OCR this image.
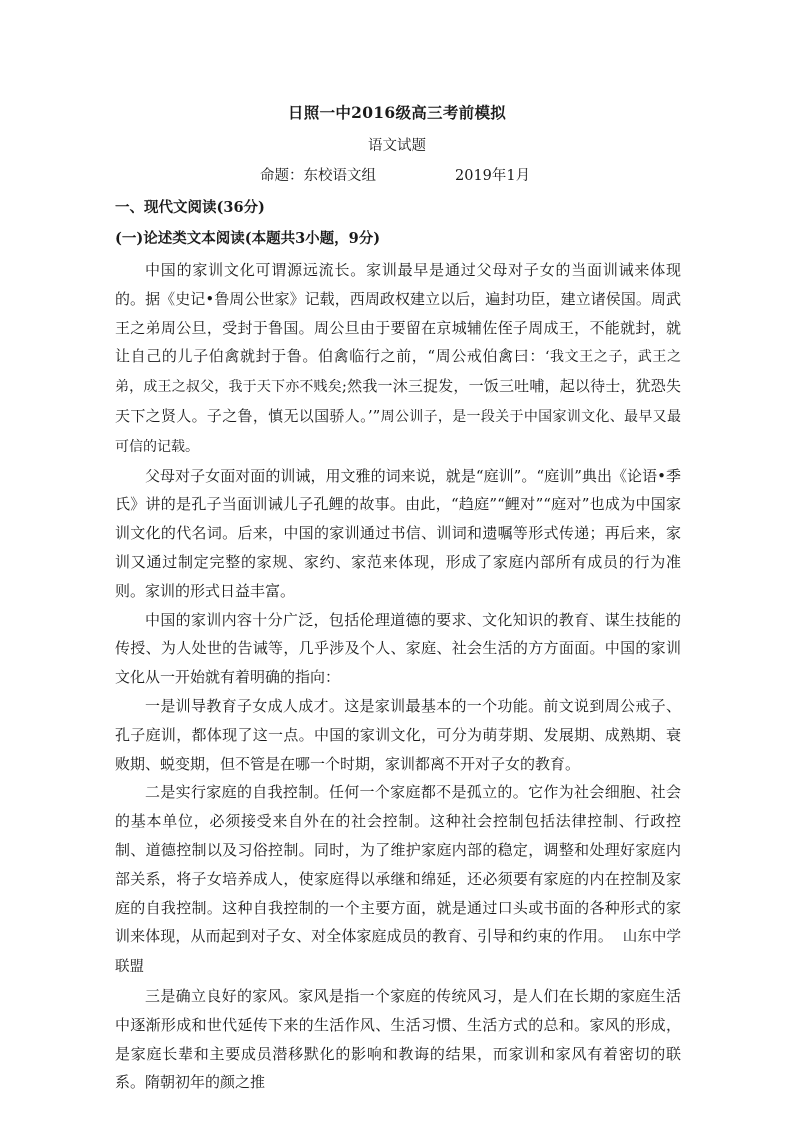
日照一中2016级高三考前模拟
语文试题
命题：东校语文组	2019年1月
一、现代文阅读(36分)
(一)论述类文本阅读(本题共3小题，9分)

中国的家训文化可谓源远流长。家训最早是通过父母对子女的当面训诫来体现的。据《史记•鲁周公世家》记载，西周政权建立以后，遍封功臣，建立诸侯国。周武王之弟周公旦，受封于鲁国。周公旦由于要留在京城辅佐侄子周成王，不能就封，就让自己的儿子伯禽就封于鲁。伯禽临行之前，“周公戒伯禽曰：‘我文王之子，武王之弟，成王之叔父，我于天下亦不贱矣;然我一沐三捉发，一饭三吐哺，起以待士，犹恐失天下之贤人。子之鲁，慎无以国骄人。’”周公训子，是一段关于中国家训文化、最早又最可信的记载。

父母对子女面对面的训诫，用文雅的词来说，就是“庭训”。“庭训”典出《论语•季氏》讲的是孔子当面训诫儿子孔鲤的故事。由此，“趋庭”“鲤对”“庭对”也成为中国家训文化的代名词。后来，中国的家训通过书信、训词和遗嘱等形式传递；再后来，家训又通过制定完整的家规、家约、家范来体现，形成了家庭内部所有成员的行为准则。家训的形式日益丰富。

中国的家训内容十分广泛，包括伦理道德的要求、文化知识的教育、谋生技能的传授、为人处世的告诫等，几乎涉及个人、家庭、社会生活的方方面面。中国的家训文化从一开始就有着明确的指向：

一是训导教育子女成人成才。这是家训最基本的一个功能。前文说到周公戒子、孔子庭训，都体现了这一点。中国的家训文化，可分为萌芽期、发展期、成熟期、衰败期、蜕变期，但不管是在哪一个时期，家训都离不开对子女的教育。

二是实行家庭的自我控制。任何一个家庭都不是孤立的。它作为社会细胞、社会的基本单位，必须接受来自外在的社会控制。这种社会控制包括法律控制、行政控制、道德控制以及习俗控制。同时，为了维护家庭内部的稳定，调整和处理好家庭内部关系，将子女培养成人，使家庭得以承继和绵延，还必须要有家庭的内在控制及家庭的自我控制。这种自我控制的一个主要方面，就是通过口头或书面的各种形式的家训来体现，从而起到对子女、对全体家庭成员的教育、引导和约束的作用。 山东中学联盟

三是确立良好的家风。家风是指一个家庭的传统风习，是人们在长期的家庭生活中逐渐形成和世代延传下来的生活作风、生活习惯、生活方式的总和。家风的形成，是家庭长辈和主要成员潜移默化的影响和教诲的结果，而家训和家风有着密切的联系。隋朝初年的颜之推
